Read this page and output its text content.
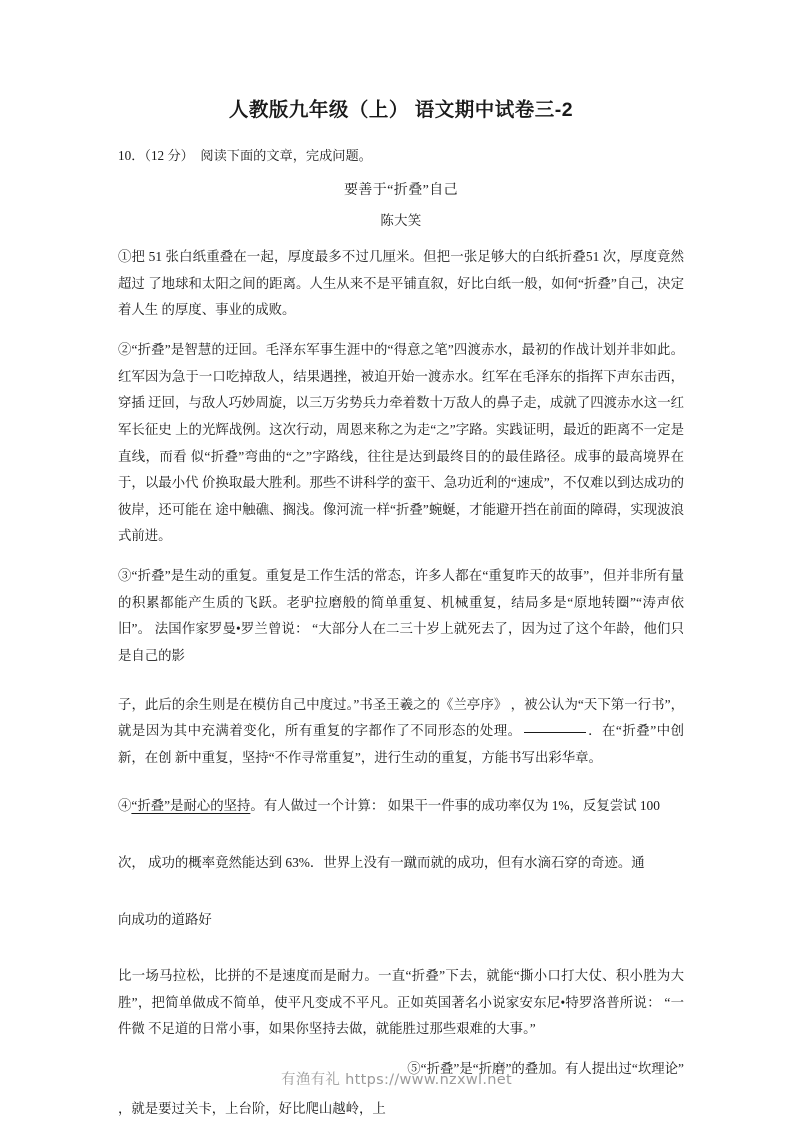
人教版九年级（上） 语文期中试卷三-2
10．（12 分）  阅读下面的文章，完成问题。
要善于“折叠”自己
陈大笑

①把 51 张白纸重叠在一起，厚度最多不过几厘米。但把一张足够大的白纸折叠51 次，厚度竟然超过 了地球和太阳之间的距离。人生从来不是平铺直叙，好比白纸一般，如何“折叠”自己，决定着人生 的厚度、事业的成败。

②“折叠”是智慧的迂回。毛泽东军事生涯中的“得意之笔”四渡赤水，最初的作战计划并非如此。 红军因为急于一口吃掉敌人，结果遇挫，被迫开始一渡赤水。红军在毛泽东的指挥下声东击西，穿插 迂回，与敌人巧妙周旋，以三万劣势兵力牵着数十万敌人的鼻子走，成就了四渡赤水这一红军长征史 上的光辉战例。这次行动，周恩来称之为走“之”字路。实践证明，最近的距离不一定是直线，而看 似“折叠”弯曲的“之”字路线，往往是达到最终目的的最佳路径。成事的最高境界在于，以最小代 价换取最大胜利。那些不讲科学的蛮干、急功近利的“速成”，不仅难以到达成功的彼岸，还可能在 途中触礁、搁浅。像河流一样“折叠”蜿蜒，才能避开挡在前面的障碍，实现波浪式前进。

③“折叠”是生动的重复。重复是工作生活的常态，许多人都在“重复昨天的故事”，但并非所有量 的积累都能产生质的飞跃。老驴拉磨般的简单重复、机械重复，结局多是“原地转圈”“涛声依旧”。 法国作家罗曼•罗兰曾说： “大部分人在二三十岁上就死去了，因为过了这个年龄，他们只是自己的影

子，此后的余生则是在模仿自己中度过。”书圣王羲之的《兰亭序》 ，被公认为“天下第一行书”， 就是因为其中充满着变化，所有重复的字都作了不同形态的处理。	．在“折叠”中创新，在创 新中重复，坚持“不作寻常重复”，进行生动的重复，方能书写出彩华章。

④“折叠”是耐心的坚持。有人做过一个计算： 如果干一件事的成功率仅为 1%，反复尝试 100

次， 成功的概率竟然能达到 63%．世界上没有一蹴而就的成功，但有水滴石穿的奇迹。通

向成功的道路好

比一场马拉松，比拼的不是速度而是耐力。一直“折叠”下去，就能“撕小口打大仗、积小胜为大 胜”，把简单做成不简单，使平凡变成不平凡。正如英国著名小说家安东尼•特罗洛普所说： “一件微 不足道的日常小事，如果你坚持去做，就能胜过那些艰难的大事。”

⑤“折叠”是“折磨”的叠加。有人提出过“坎理论”

，就是要过关卡，上台阶，好比爬山越岭，上

有渔有礼 https://www.nzxwl.net
